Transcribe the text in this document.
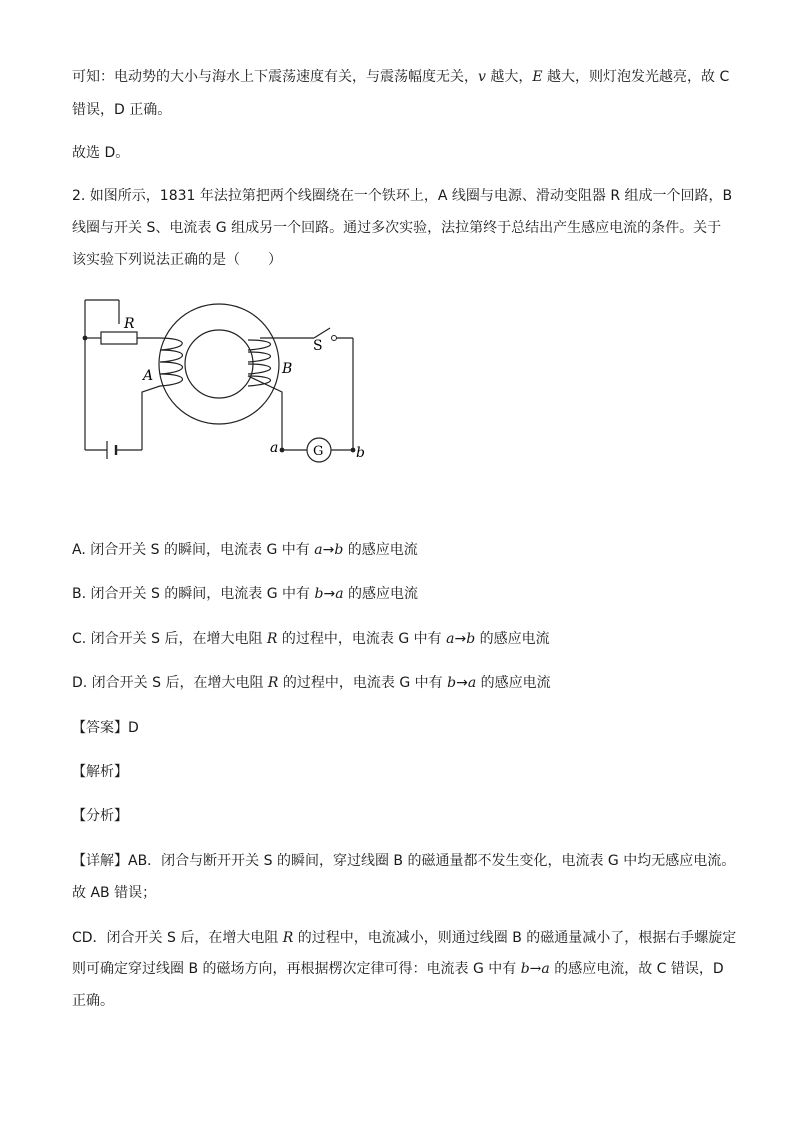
可知：电动势的大小与海水上下震荡速度有关，与震荡幅度无关，v 越大，E 越大，则灯泡发光越亮，故 C
错误，D 正确。
故选 D。
2. 如图所示，1831 年法拉第把两个线圈绕在一个铁环上，A 线圈与电源、滑动变阻器 R 组成一个回路，B
线圈与开关 S、电流表 G 组成另一个回路。通过多次实验，法拉第终于总结出产生感应电流的条件。关于
该实验下列说法正确的是（　　）
R
S
A	B
a	b
G
A. 闭合开关 S 的瞬间，电流表 G 中有 a→b 的感应电流
B. 闭合开关 S 的瞬间，电流表 G 中有 b→a 的感应电流
C. 闭合开关 S 后，在增大电阻 R 的过程中，电流表 G 中有 a→b 的感应电流
D. 闭合开关 S 后，在增大电阻 R 的过程中，电流表 G 中有 b→a 的感应电流
【答案】D
【解析】
【分析】
【详解】AB．闭合与断开开关 S 的瞬间，穿过线圈 B 的磁通量都不发生变化，电流表 G 中均无感应电流。
故 AB 错误；
CD．闭合开关 S 后，在增大电阻 R 的过程中，电流减小，则通过线圈 B 的磁通量减小了，根据右手螺旋定
则可确定穿过线圈 B 的磁场方向，再根据楞次定律可得：电流表 G 中有 b→a 的感应电流，故 C 错误，D
正确。
